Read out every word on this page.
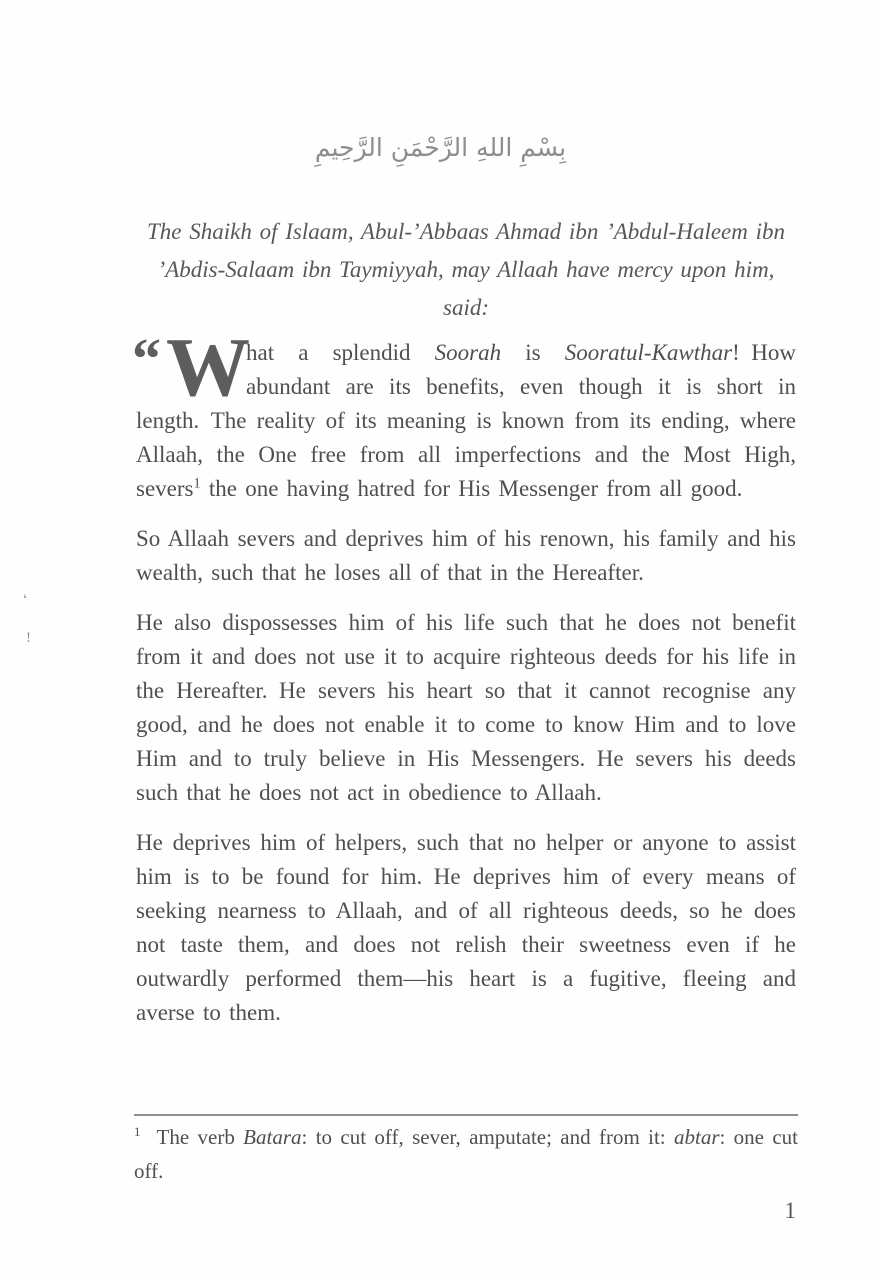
بِسْمِ اللهِ الرَّحْمَنِ الرَّحِيمِ
The Shaikh of Islaam, Abul-’Abbaas Ahmad ibn ’Abdul-Haleem ibn ’Abdis-Salaam ibn Taymiyyah, may Allaah have mercy upon him, said:

“ W
hat a splendid Soorah is Sooratul-Kawthar! How abundant are its benefits, even though it is short in length. The reality of its meaning is known from its ending, where Allaah, the One free from all imperfections and the Most High, severs$^1$ the one having hatred for His Messenger from all good.

So Allaah severs and deprives him of his renown, his family and his wealth, such that he loses all of that in the Hereafter.

He also dispossesses him of his life such that he does not benefit from it and does not use it to acquire righteous deeds for his life in the Hereafter. He severs his heart so that it cannot recognise any good, and he does not enable it to come to know Him and to love Him and to truly believe in His Messengers. He severs his deeds such that he does not act in obedience to Allaah.

He deprives him of helpers, such that no helper or anyone to assist him is to be found for him. He deprives him of every means of seeking nearness to Allaah, and of all righteous deeds, so he does not taste them, and does not relish their sweetness even if he outwardly performed them—his heart is a fugitive, fleeing and averse to them.

$^1$ The verb Batara: to cut off, sever, amputate; and from it: abtar: one cut off.

ʻ
!
1
